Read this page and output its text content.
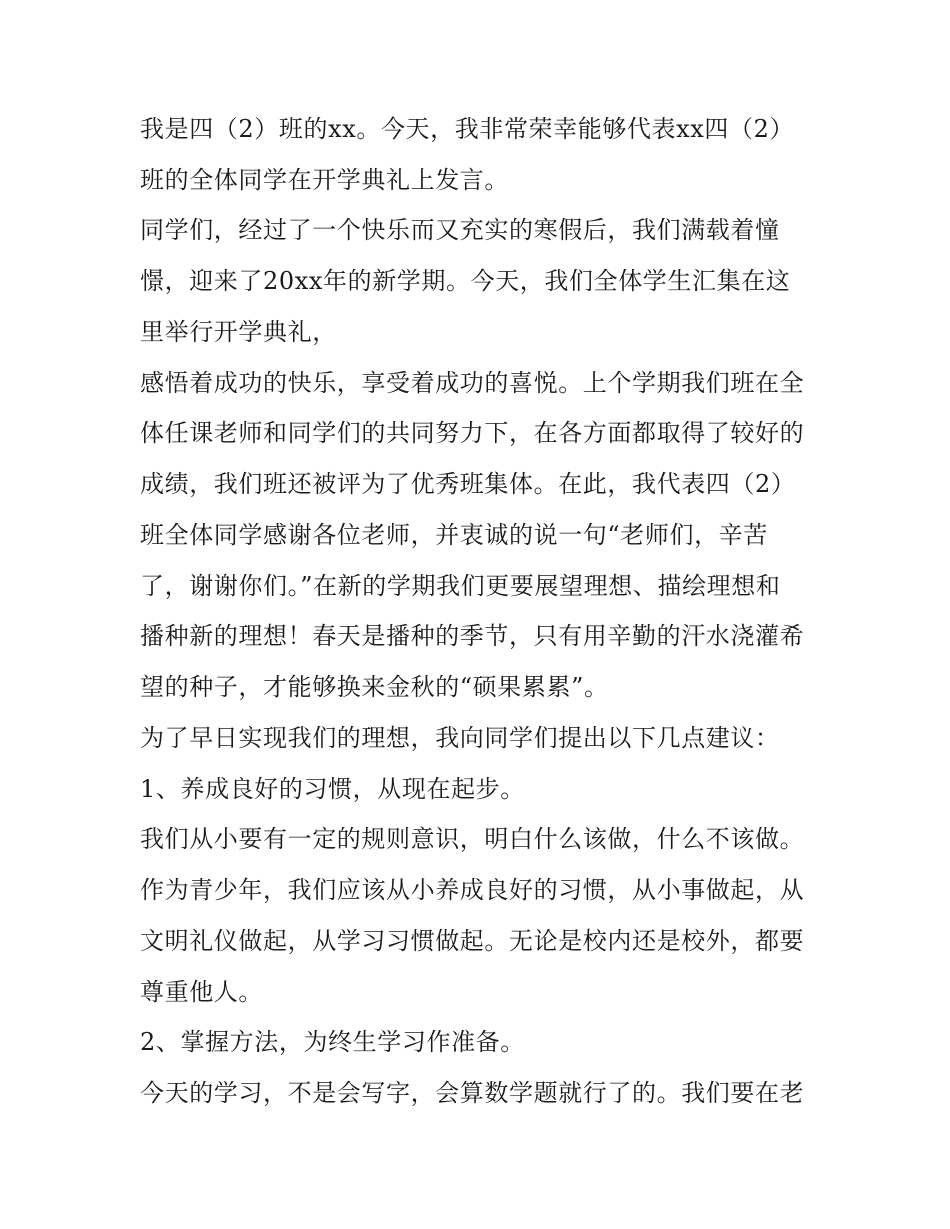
我是四（2）班的xx。今天，我非常荣幸能够代表xx四（2）
班的全体同学在开学典礼上发言。
同学们，经过了一个快乐而又充实的寒假后，我们满载着憧
憬，迎来了20xx年的新学期。今天，我们全体学生汇集在这
里举行开学典礼，
感悟着成功的快乐，享受着成功的喜悦。上个学期我们班在全
体任课老师和同学们的共同努力下，在各方面都取得了较好的
成绩，我们班还被评为了优秀班集体。在此，我代表四（2）
班全体同学感谢各位老师，并衷诚的说一句“老师们，辛苦
了，谢谢你们。”在新的学期我们更要展望理想、描绘理想和
播种新的理想！春天是播种的季节，只有用辛勤的汗水浇灌希
望的种子，才能够换来金秋的“硕果累累”。
为了早日实现我们的理想，我向同学们提出以下几点建议：
1、养成良好的习惯，从现在起步。
我们从小要有一定的规则意识，明白什么该做，什么不该做。
作为青少年，我们应该从小养成良好的习惯，从小事做起，从
文明礼仪做起，从学习习惯做起。无论是校内还是校外，都要
尊重他人。
2、掌握方法，为终生学习作准备。
今天的学习，不是会写字，会算数学题就行了的。我们要在老
